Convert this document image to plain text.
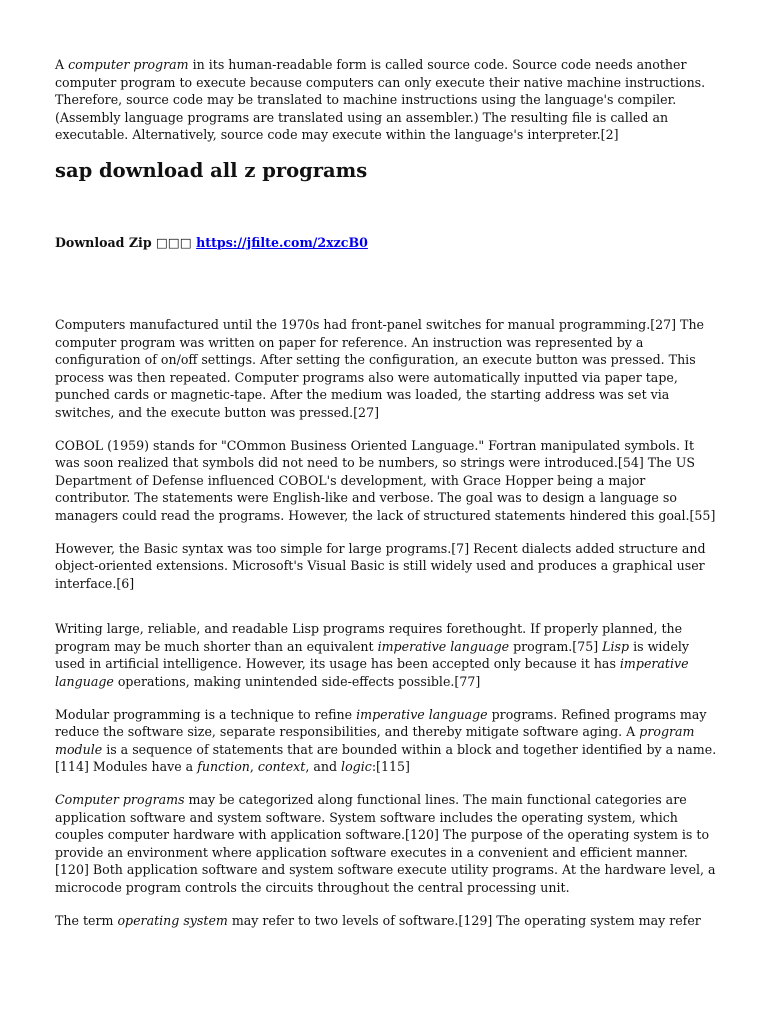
A computer program in its human-readable form is called source code. Source code needs another computer program to execute because computers can only execute their native machine instructions. Therefore, source code may be translated to machine instructions using the language's compiler. (Assembly language programs are translated using an assembler.) The resulting file is called an executable. Alternatively, source code may execute within the language's interpreter.[2]

sap download all z programs
Download Zip □□□ https://jfilte.com/2xzcB0

Computers manufactured until the 1970s had front-panel switches for manual programming.[27] The computer program was written on paper for reference. An instruction was represented by a configuration of on/off settings. After setting the configuration, an execute button was pressed. This process was then repeated. Computer programs also were automatically inputted via paper tape, punched cards or magnetic-tape. After the medium was loaded, the starting address was set via switches, and the execute button was pressed.[27]

COBOL (1959) stands for "COmmon Business Oriented Language." Fortran manipulated symbols. It was soon realized that symbols did not need to be numbers, so strings were introduced.[54] The US Department of Defense influenced COBOL's development, with Grace Hopper being a major contributor. The statements were English-like and verbose. The goal was to design a language so managers could read the programs. However, the lack of structured statements hindered this goal.[55]

However, the Basic syntax was too simple for large programs.[7] Recent dialects added structure and object-oriented extensions. Microsoft's Visual Basic is still widely used and produces a graphical user interface.[6]

Writing large, reliable, and readable Lisp programs requires forethought. If properly planned, the program may be much shorter than an equivalent imperative language program.[75] Lisp is widely used in artificial intelligence. However, its usage has been accepted only because it has imperative language operations, making unintended side-effects possible.[77]

Modular programming is a technique to refine imperative language programs. Refined programs may reduce the software size, separate responsibilities, and thereby mitigate software aging. A program module is a sequence of statements that are bounded within a block and together identified by a name.[114] Modules have a function, context, and logic:[115]

Computer programs may be categorized along functional lines. The main functional categories are application software and system software. System software includes the operating system, which couples computer hardware with application software.[120] The purpose of the operating system is to provide an environment where application software executes in a convenient and efficient manner.[120] Both application software and system software execute utility programs. At the hardware level, a microcode program controls the circuits throughout the central processing unit.

The term operating system may refer to two levels of software.[129] The operating system may refer
